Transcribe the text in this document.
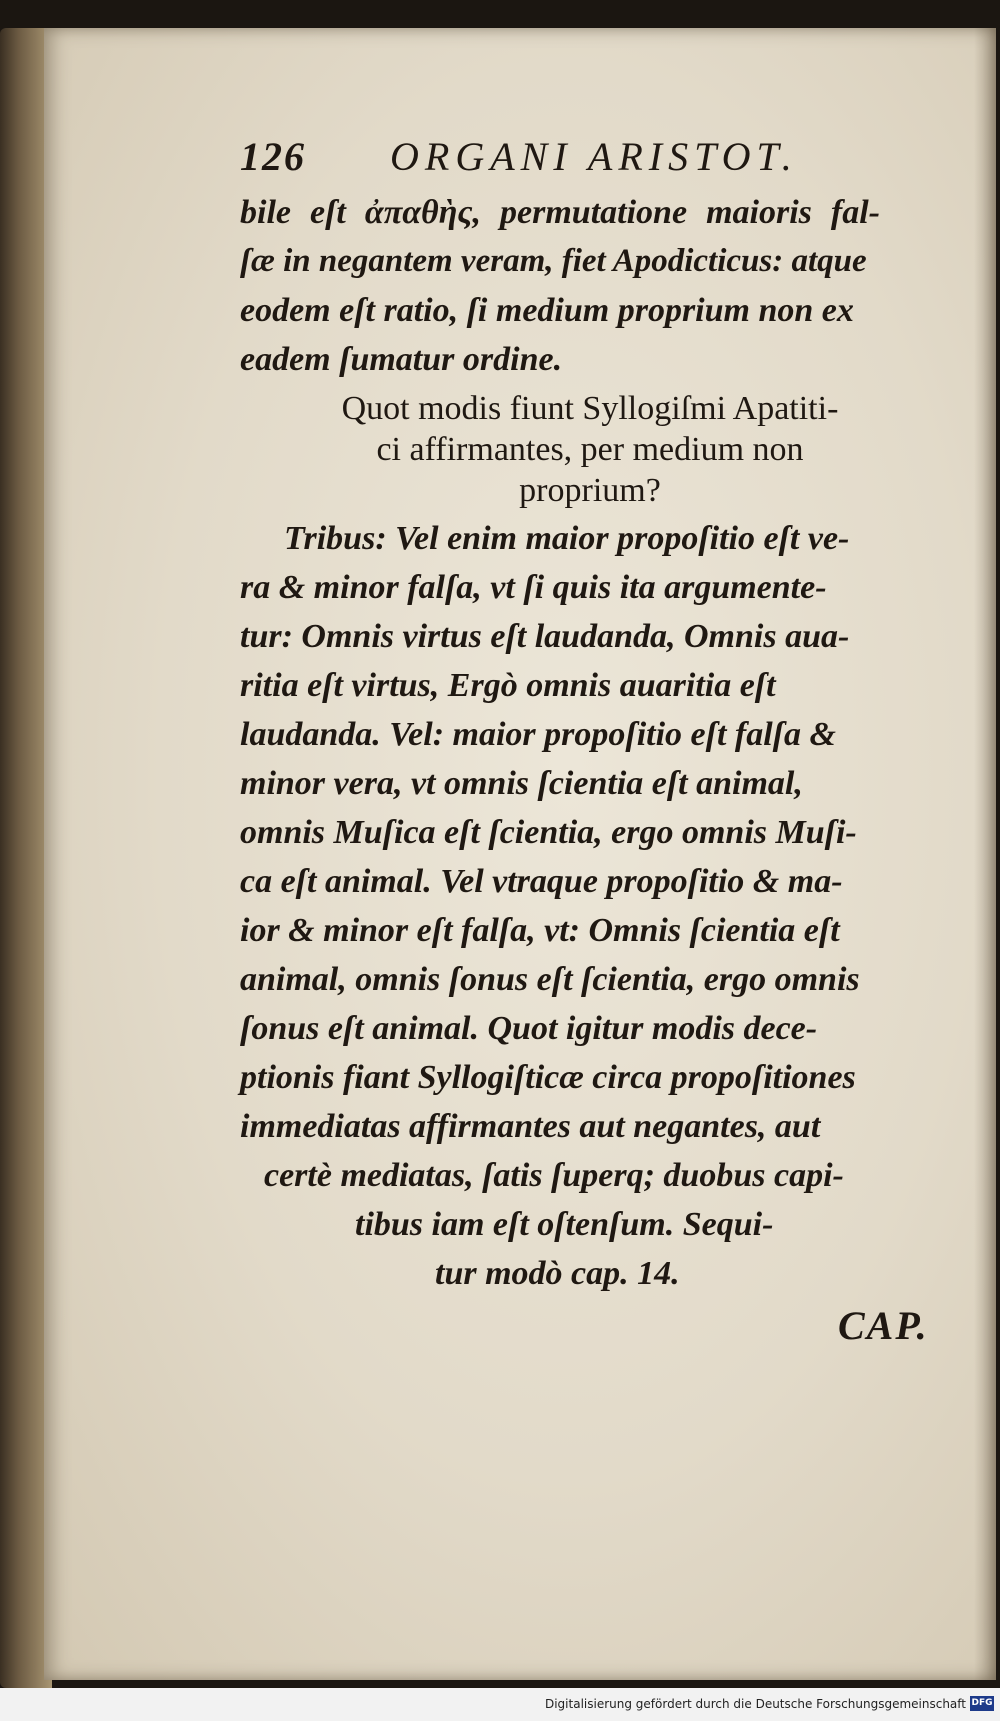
126 ORGANI ARISTOT.
bile eſt ἀπαθὴς, permutatione maioris fal-
ſæ in negantem veram, fiet Apodicticus: atque
eodem eſt ratio, ſi medium proprium non ex
eadem ſumatur ordine.
Quot modis fiunt Syllogiſmi Apatiti-
ci affirmantes, per medium non
proprium?
Tribus: Vel enim maior propoſitio eſt ve-
ra & minor falſa, vt ſi quis ita argumente-
tur: Omnis virtus eſt laudanda, Omnis aua-
ritia eſt virtus, Ergò omnis auaritia eſt
laudanda. Vel: maior propoſitio eſt falſa &
minor vera, vt omnis ſcientia eſt animal,
omnis Muſica eſt ſcientia, ergo omnis Muſi-
ca eſt animal. Vel vtraque propoſitio & ma-
ior & minor eſt falſa, vt: Omnis ſcientia eſt
animal, omnis ſonus eſt ſcientia, ergo omnis
ſonus eſt animal. Quot igitur modis dece-
ptionis fiant Syllogiſticæ circa propoſitiones
immediatas affirmantes aut negantes, aut
certè mediatas, ſatis ſuperq; duobus capi-
tibus iam eſt oſtenſum. Sequi-
tur modò cap. 14.
CAP.
Digitalisierung gefördert durch die Deutsche Forschungsgemeinschaft DFG
